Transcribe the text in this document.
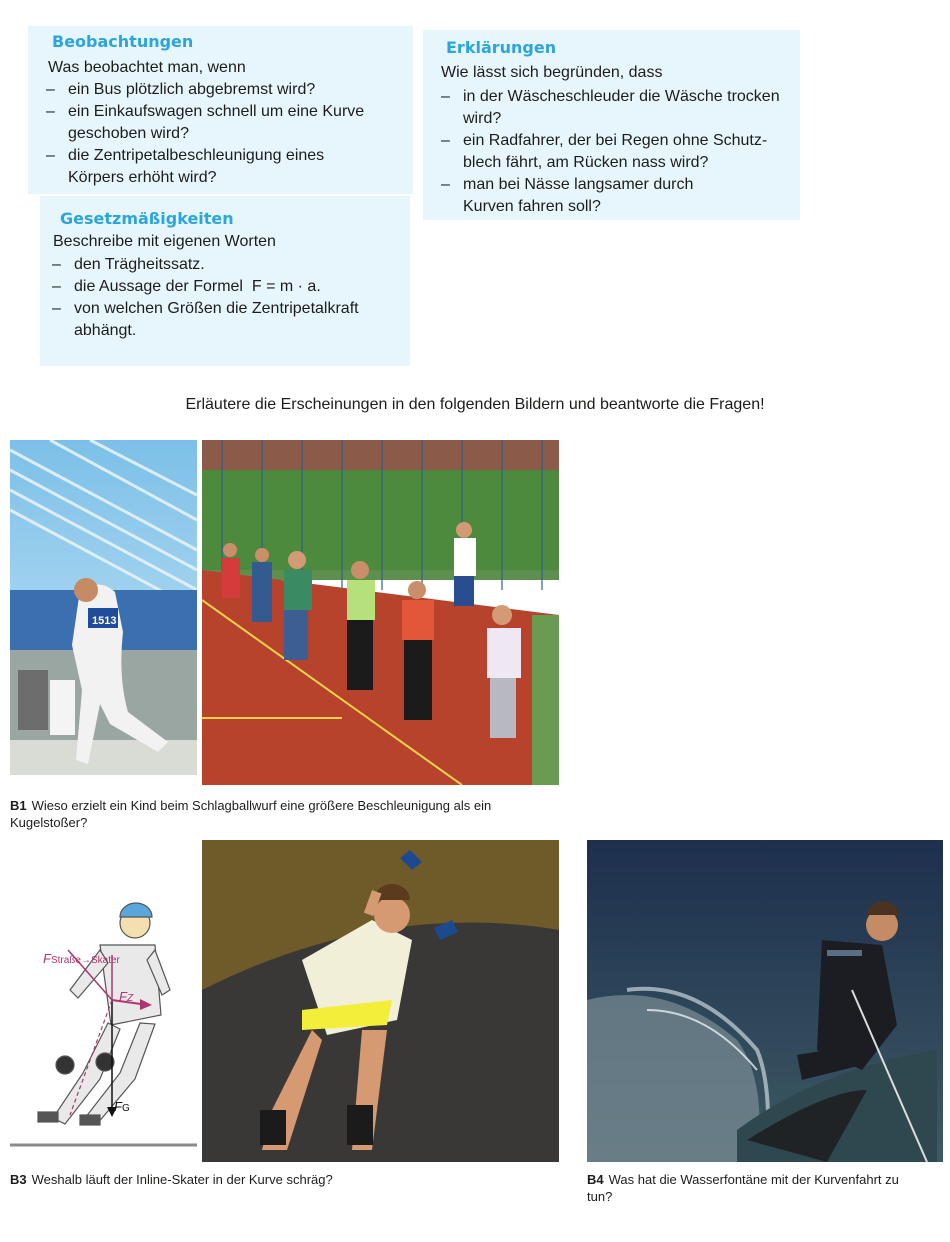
Beobachtungen
Was beobachtet man, wenn
– ein Bus plötzlich abgebremst wird?
– ein Einkaufswagen schnell um eine Kurve geschoben wird?
– die Zentripetalbeschleunigung eines Körpers erhöht wird?
Gesetzmäßigkeiten
Beschreibe mit eigenen Worten
– den Trägheitssatz.
– die Aussage der Formel  F = m · a.
– von welchen Größen die Zentripetalkraft abhängt.
Erklärungen
Wie lässt sich begründen, dass
– in der Wäscheschleuder die Wäsche trocken wird?
– ein Radfahrer, der bei Regen ohne Schutz-blech fährt, am Rücken nass wird?
– man bei Nässe langsamer durch Kurven fahren soll?
Erläutere die Erscheinungen in den folgenden Bildern und beantworte die Fragen!
1513
B1 Wieso erzielt ein Kind beim Schlagballwurf eine größere Beschleunigung als ein Kugelstoßer?
FStraße→Skater
FZ
FG
B3 Weshalb läuft der Inline-Skater in der Kurve schräg?	B4 Was hat die Wasserfontäne mit der Kurvenfahrt zu tun?
